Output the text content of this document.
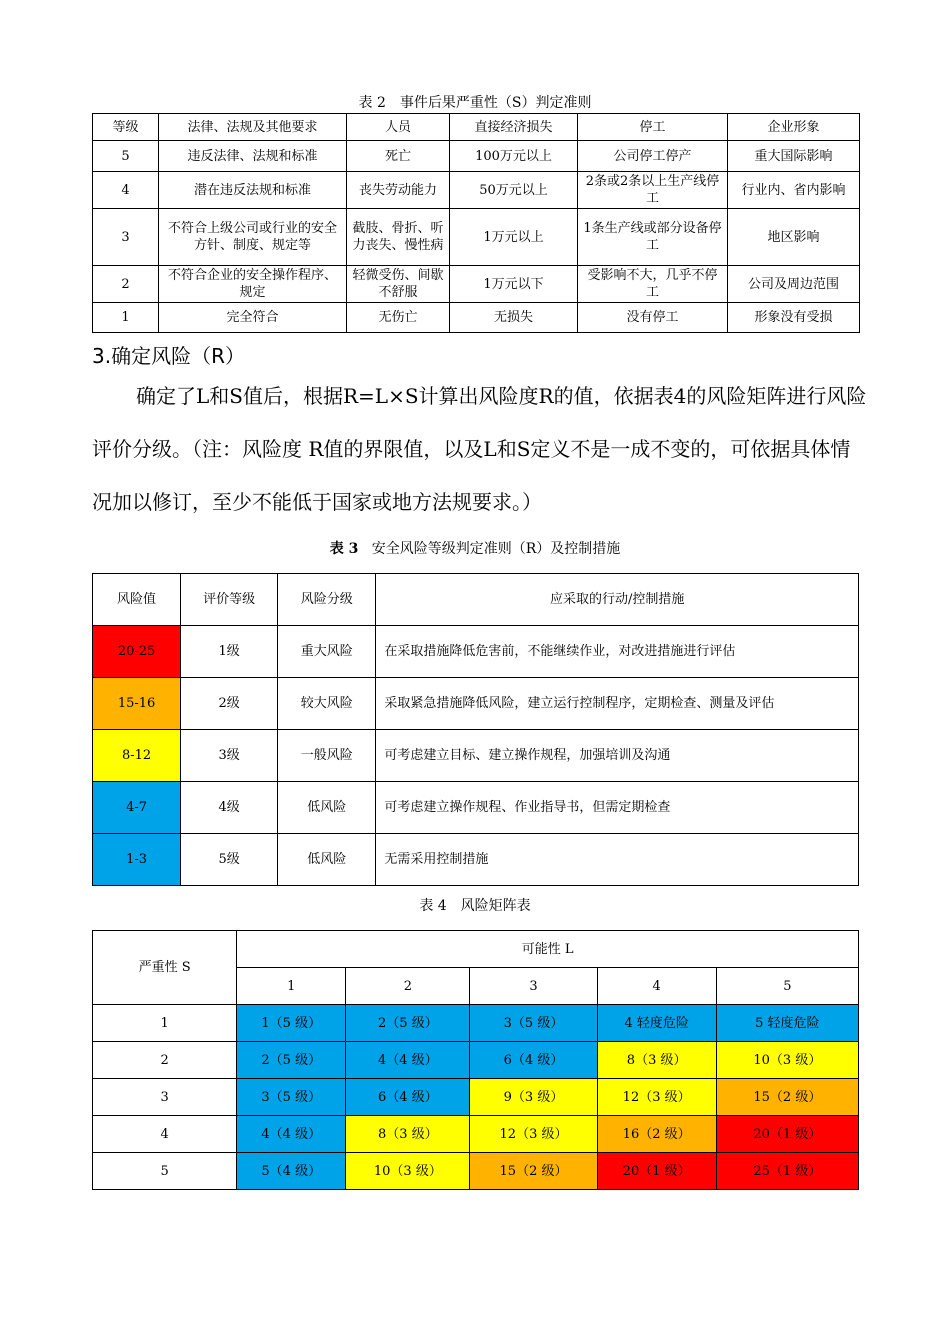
表 2　事件后果严重性（S）判定准则
等级	法律、法规及其他要求	人员	直接经济损失	停工	企业形象
5	违反法律、法规和标准	死亡	100万元以上	公司停工停产	重大国际影响
4	潜在违反法规和标准	丧失劳动能力	50万元以上	2条或2条以上生产线停工	行业内、省内影响
3	不符合上级公司或行业的安全方针、制度、规定等	截肢、骨折、听力丧失、慢性病	1万元以上	1条生产线或部分设备停工	地区影响
2	不符合企业的安全操作程序、规定	轻微受伤、间歇不舒服	1万元以下	受影响不大，几乎不停工	公司及周边范围
1	完全符合	无伤亡	无损失	没有停工	形象没有受损
3.确定风险（R）
确定了L和S值后，根据R=L×S计算出风险度R的值，依据表4的风险矩阵进行风险评价分级。（注：风险度 R值的界限值，以及L和S定义不是一成不变的，可依据具体情况加以修订，至少不能低于国家或地方法规要求。）
表 3 安全风险等级判定准则（R）及控制措施
风险值	评价等级	风险分级	应采取的行动/控制措施
20-25	1级	重大风险	在采取措施降低危害前，不能继续作业，对改进措施进行评估
15-16	2级	较大风险	采取紧急措施降低风险，建立运行控制程序，定期检查、测量及评估
8-12	3级	一般风险	可考虑建立目标、建立操作规程，加强培训及沟通
4-7	4级	低风险	可考虑建立操作规程、作业指导书，但需定期检查
1-3	5级	低风险	无需采用控制措施
表 4　风险矩阵表
严重性 S	可能性 L				
	1	2	3	4	5
1	1（5 级）	2（5 级）	3（5 级）	4 轻度危险	5 轻度危险
2	2（5 级）	4（4 级）	6（4 级）	8（3 级）	10（3 级）
3	3（5 级）	6（4 级）	9（3 级）	12（3 级）	15（2 级）
4	4（4 级）	8（3 级）	12（3 级）	16（2 级）	20（1 级）
5	5（4 级）	10（3 级）	15（2 级）	20（1 级）	25（1 级）
